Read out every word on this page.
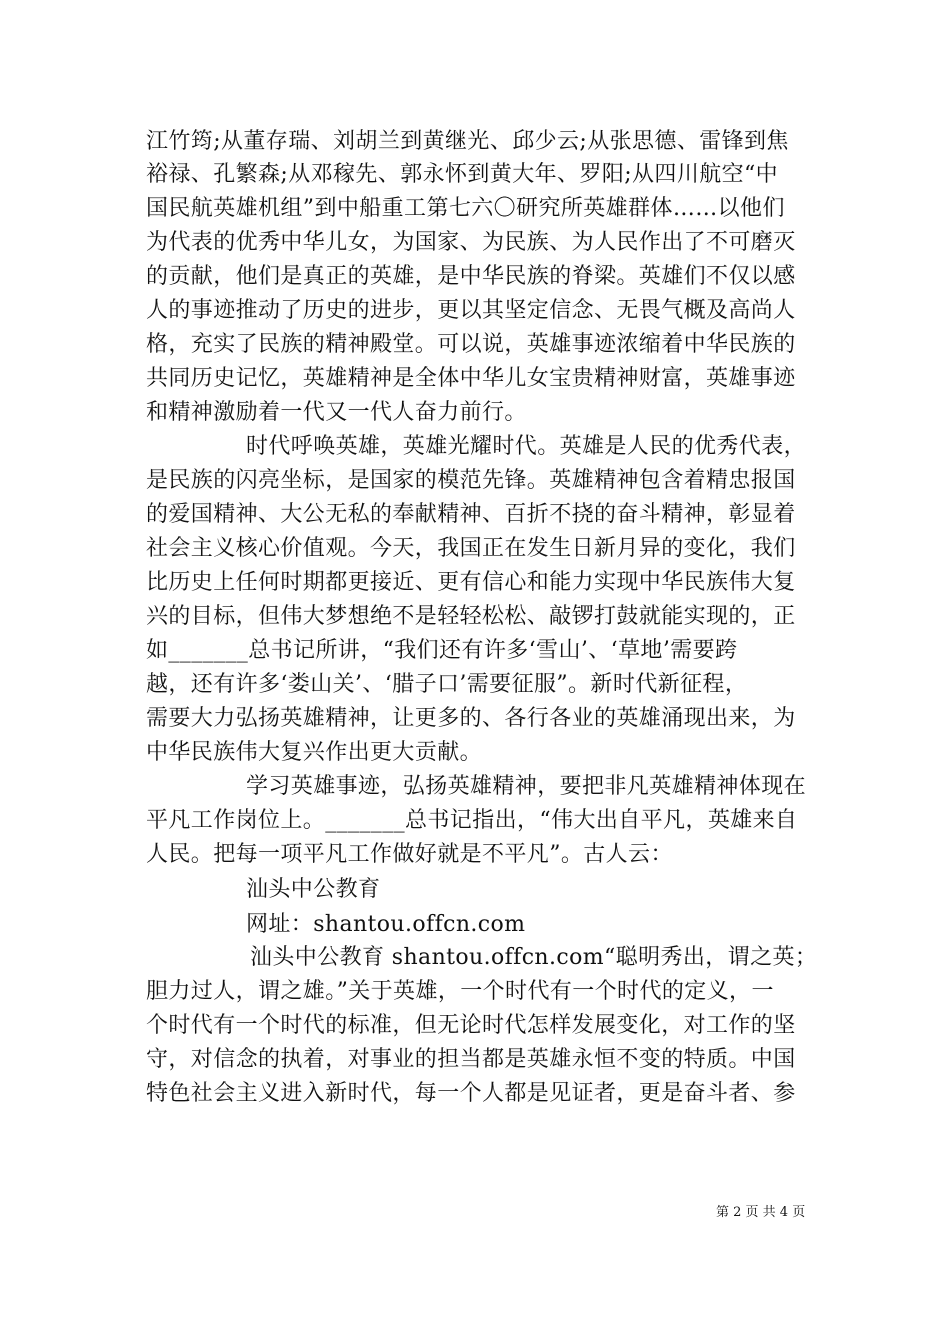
江竹筠;从董存瑞、刘胡兰到黄继光、邱少云;从张思德、雷锋到焦
裕禄、孔繁森;从邓稼先、郭永怀到黄大年、罗阳;从四川航空“中
国民航英雄机组”到中船重工第七六〇研究所英雄群体……以他们
为代表的优秀中华儿女，为国家、为民族、为人民作出了不可磨灭
的贡献，他们是真正的英雄，是中华民族的脊梁。英雄们不仅以感
人的事迹推动了历史的进步，更以其坚定信念、无畏气概及高尚人
格，充实了民族的精神殿堂。可以说，英雄事迹浓缩着中华民族的
共同历史记忆，英雄精神是全体中华儿女宝贵精神财富，英雄事迹
和精神激励着一代又一代人奋力前行。
时代呼唤英雄，英雄光耀时代。英雄是人民的优秀代表，
是民族的闪亮坐标，是国家的模范先锋。英雄精神包含着精忠报国
的爱国精神、大公无私的奉献精神、百折不挠的奋斗精神，彰显着
社会主义核心价值观。今天，我国正在发生日新月异的变化，我们
比历史上任何时期都更接近、更有信心和能力实现中华民族伟大复
兴的目标，但伟大梦想绝不是轻轻松松、敲锣打鼓就能实现的，正
如_______总书记所讲，“我们还有许多‘雪山’、‘草地’需要跨
越，还有许多‘娄山关’、‘腊子口’需要征服”。新时代新征程，
需要大力弘扬英雄精神，让更多的、各行各业的英雄涌现出来，为
中华民族伟大复兴作出更大贡献。
学习英雄事迹，弘扬英雄精神，要把非凡英雄精神体现在
平凡工作岗位上。_______总书记指出，“伟大出自平凡，英雄来自
人民。把每一项平凡工作做好就是不平凡”。古人云：
汕头中公教育
网址：shantou.offcn.com
汕头中公教育 shantou.offcn.com“聪明秀出，谓之英；
胆力过人，谓之雄。”关于英雄，一个时代有一个时代的定义，一
个时代有一个时代的标准，但无论时代怎样发展变化，对工作的坚
守，对信念的执着，对事业的担当都是英雄永恒不变的特质。中国
特色社会主义进入新时代，每一个人都是见证者，更是奋斗者、参
第 2 页 共 4 页
